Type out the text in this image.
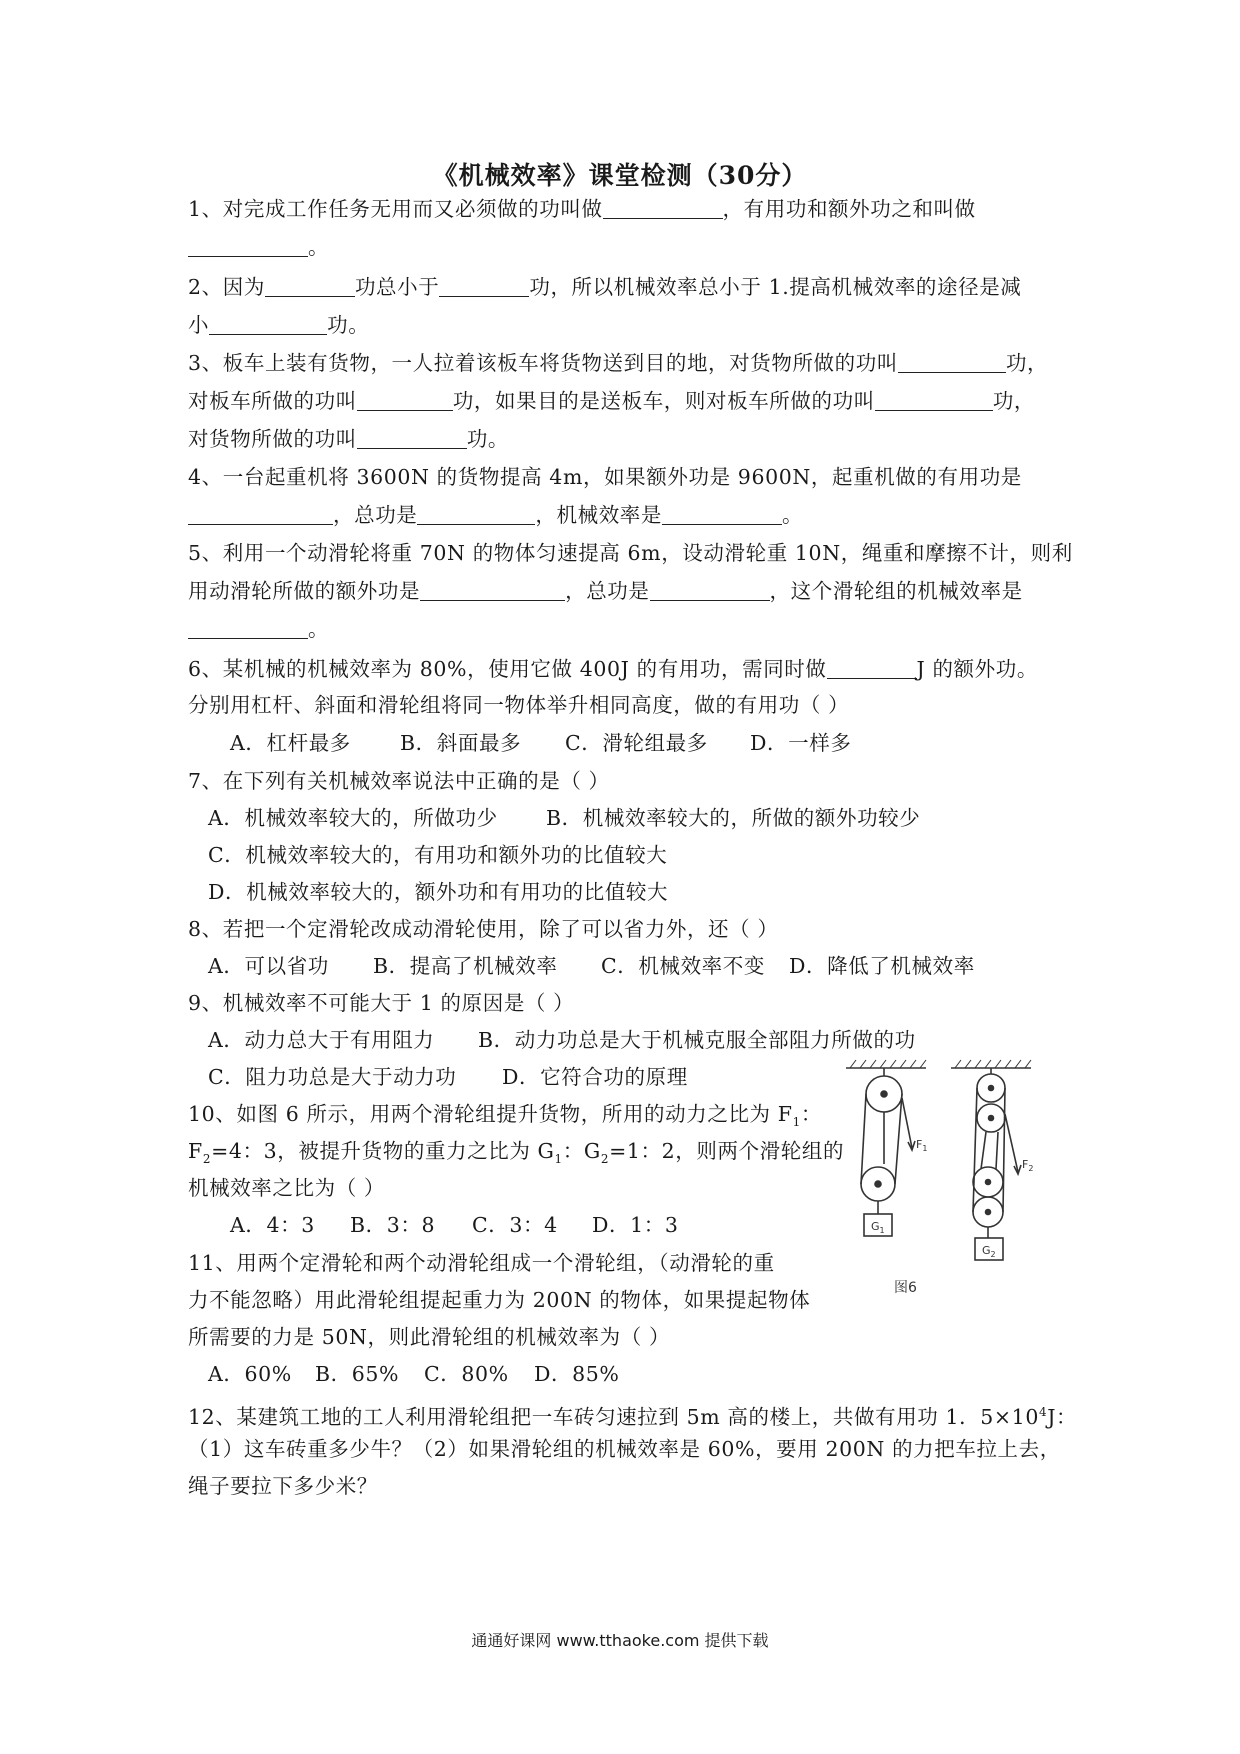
《机械效率》课堂检测（30分）
1、对完成工作任务无用而又必须做的功叫做	，有用功和额外功之和叫做
。
2、因为	功总小于	功，所以机械效率总小于 1.提高机械效率的途径是减
小	功。
3、板车上装有货物，一人拉着该板车将货物送到目的地，对货物所做的功叫	功，
对板车所做的功叫	功，如果目的是送板车，则对板车所做的功叫	功，
对货物所做的功叫	功。
4、一台起重机将 3600N 的货物提高 4m，如果额外功是 9600N，起重机做的有用功是
，总功是	，机械效率是	。
5、利用一个动滑轮将重 70N 的物体匀速提高 6m，设动滑轮重 10N，绳重和摩擦不计，则利
用动滑轮所做的额外功是	，总功是	，这个滑轮组的机械效率是
。
6、某机械的机械效率为 80%，使用它做 400J 的有用功，需同时做	J 的额外功。
分别用杠杆、斜面和滑轮组将同一物体举升相同高度，做的有用功（ ）
A．杠杆最多 B．斜面最多 C．滑轮组最多 D．一样多
7、在下列有关机械效率说法中正确的是（ ）
A．机械效率较大的，所做功少 B．机械效率较大的，所做的额外功较少
C．机械效率较大的，有用功和额外功的比值较大
D．机械效率较大的，额外功和有用功的比值较大
8、若把一个定滑轮改成动滑轮使用，除了可以省力外，还（ ）
A．可以省功 B．提高了机械效率 C．机械效率不变 D．降低了机械效率
9、机械效率不可能大于 1 的原因是（ ）
A．动力总大于有用阻力 B．动力功总是大于机械克服全部阻力所做的功
C．阻力功总是大于动力功 D．它符合功的原理
10、如图 6 所示，用两个滑轮组提升货物，所用的动力之比为 $F_1$：
$F_2=4$：3，被提升货物的重力之比为 $G_1$：$G_2=1$：2，则两个滑轮组的
机械效率之比为（ ）
A．4：3 B．3：8 C．3：4 D．1：3
11、用两个定滑轮和两个动滑轮组成一个滑轮组，（动滑轮的重
力不能忽略）用此滑轮组提起重力为 200N 的物体，如果提起物体
所需要的力是 50N，则此滑轮组的机械效率为（ ）
A．60% B．65% C．80% D．85%
12、某建筑工地的工人利用滑轮组把一车砖匀速拉到 5m 高的楼上，共做有用功 1．$5\times 10^4J$：
（1）这车砖重多少牛？（2）如果滑轮组的机械效率是 60%，要用 200N 的力把车拉上去，
绳子要拉下多少米？
$F_1$
$F_2$
$G_1$
$G_2$
图6
通通好课网 www.tthaoke.com 提供下载
